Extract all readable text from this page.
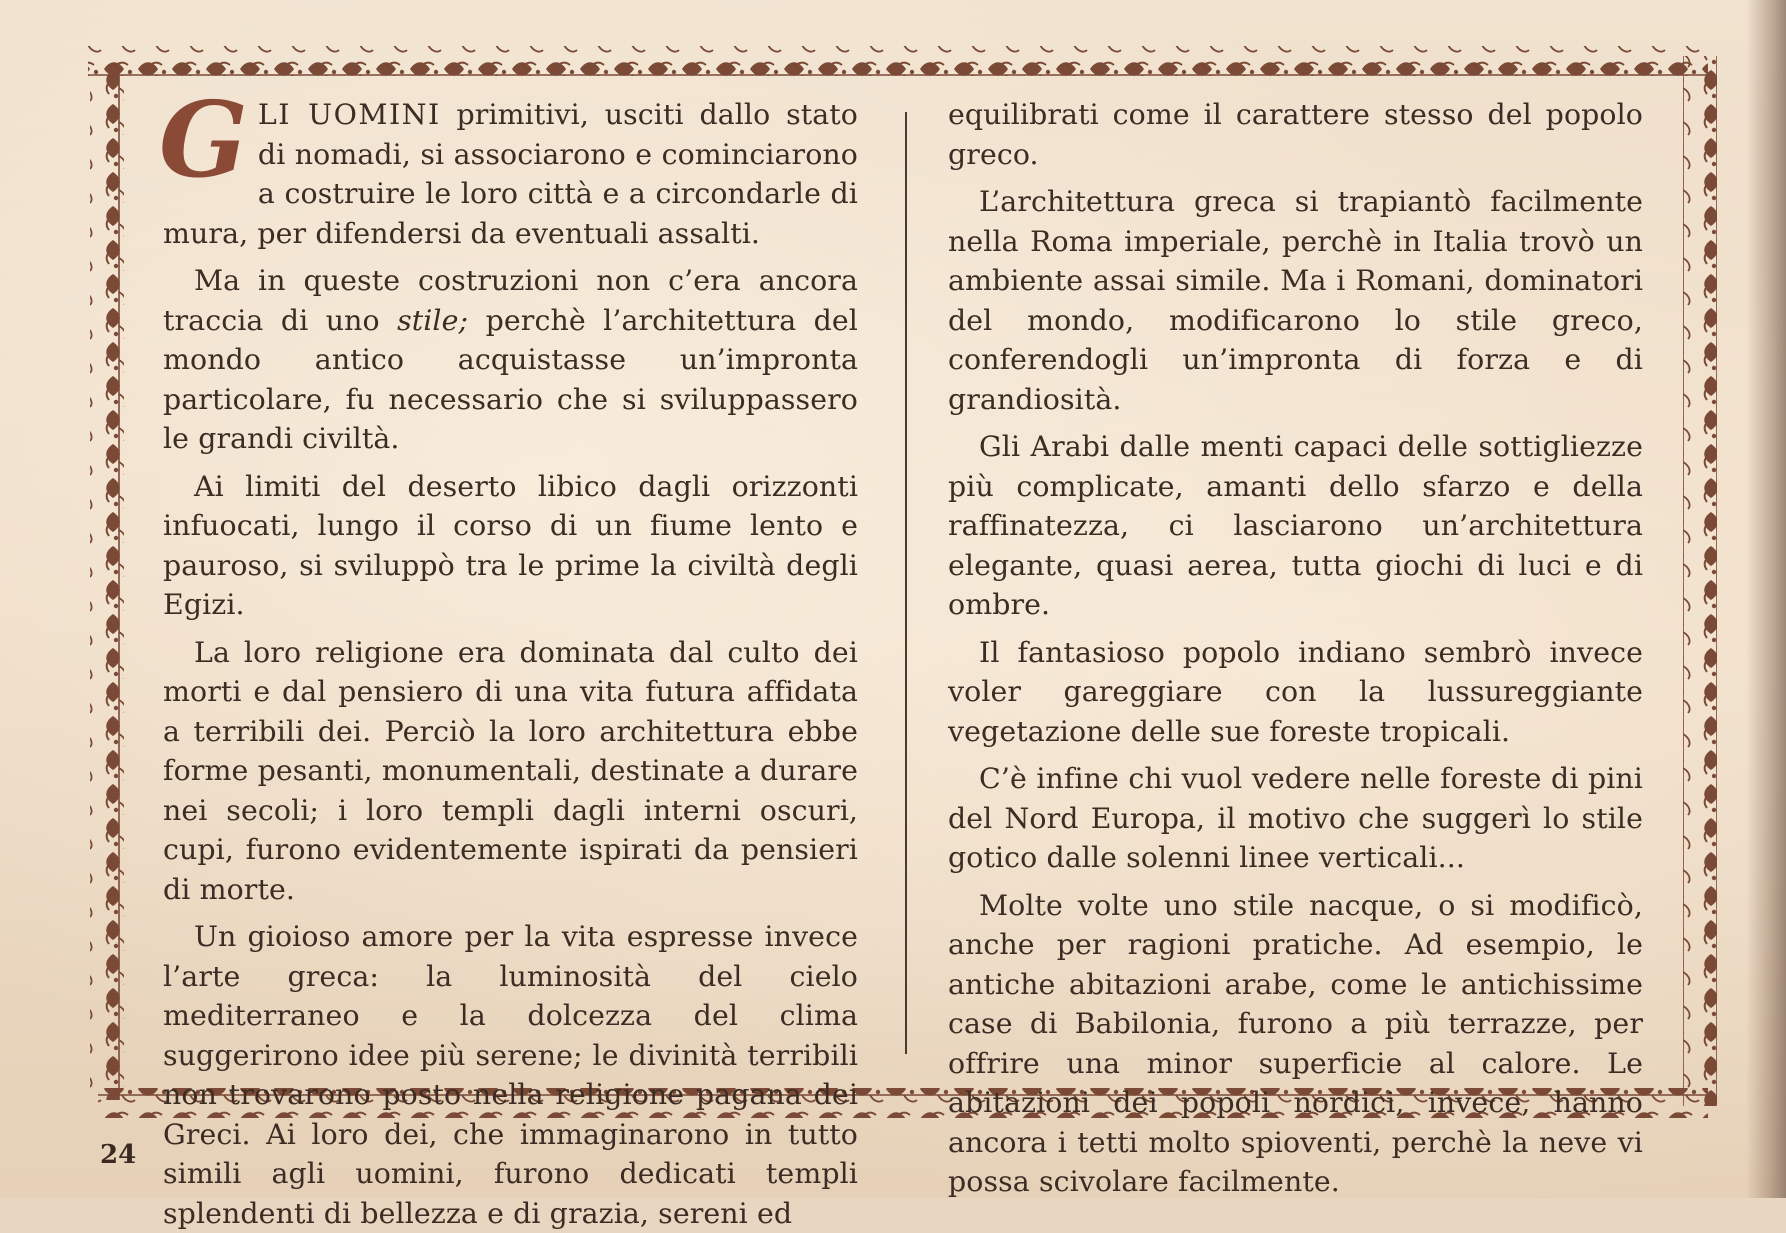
GLI UOMINI primitivi, usciti dallo stato di nomadi, si associarono e cominciarono a costruire le loro città e a circondarle di mura, per difendersi da eventuali assalti.

Ma in queste costruzioni non c’era ancora traccia di uno stile; perchè l’architettura del mondo antico acquistasse un’impronta particolare, fu necessario che si sviluppassero le grandi civiltà.

Ai limiti del deserto libico dagli orizzonti infuocati, lungo il corso di un fiume lento e pauroso, si sviluppò tra le prime la civiltà degli Egizi.

La loro religione era dominata dal culto dei morti e dal pensiero di una vita futura affidata a terribili dei. Perciò la loro architettura ebbe forme pesanti, monumentali, destinate a durare nei secoli; i loro templi dagli interni oscuri, cupi, furono evidentemente ispirati da pensieri di morte.

Un gioioso amore per la vita espresse invece l’arte greca: la luminosità del cielo mediterraneo e la dolcezza del clima suggerirono idee più serene; le divinità terribili non trovarono posto nella religione pagana dei Greci. Ai loro dei, che immaginarono in tutto simili agli uomini, furono dedicati templi splendenti di bellezza e di grazia, sereni ed

equilibrati come il carattere stesso del popolo greco.

L’architettura greca si trapiantò facilmente nella Roma imperiale, perchè in Italia trovò un ambiente assai simile. Ma i Romani, dominatori del mondo, modificarono lo stile greco, conferendogli un’impronta di forza e di grandiosità.

Gli Arabi dalle menti capaci delle sottigliezze più complicate, amanti dello sfarzo e della raffinatezza, ci lasciarono un’architettura elegante, quasi aerea, tutta giochi di luci e di ombre.

Il fantasioso popolo indiano sembrò invece voler gareggiare con la lussureggiante vegetazione delle sue foreste tropicali.

C’è infine chi vuol vedere nelle foreste di pini del Nord Europa, il motivo che suggerì lo stile gotico dalle solenni linee verticali...

Molte volte uno stile nacque, o si modificò, anche per ragioni pratiche. Ad esempio, le antiche abitazioni arabe, come le antichissime case di Babilonia, furono a più terrazze, per offrire una minor superficie al calore. Le abitazioni dei popoli nordici, invece, hanno ancora i tetti molto spioventi, perchè la neve vi possa scivolare facilmente.

24
